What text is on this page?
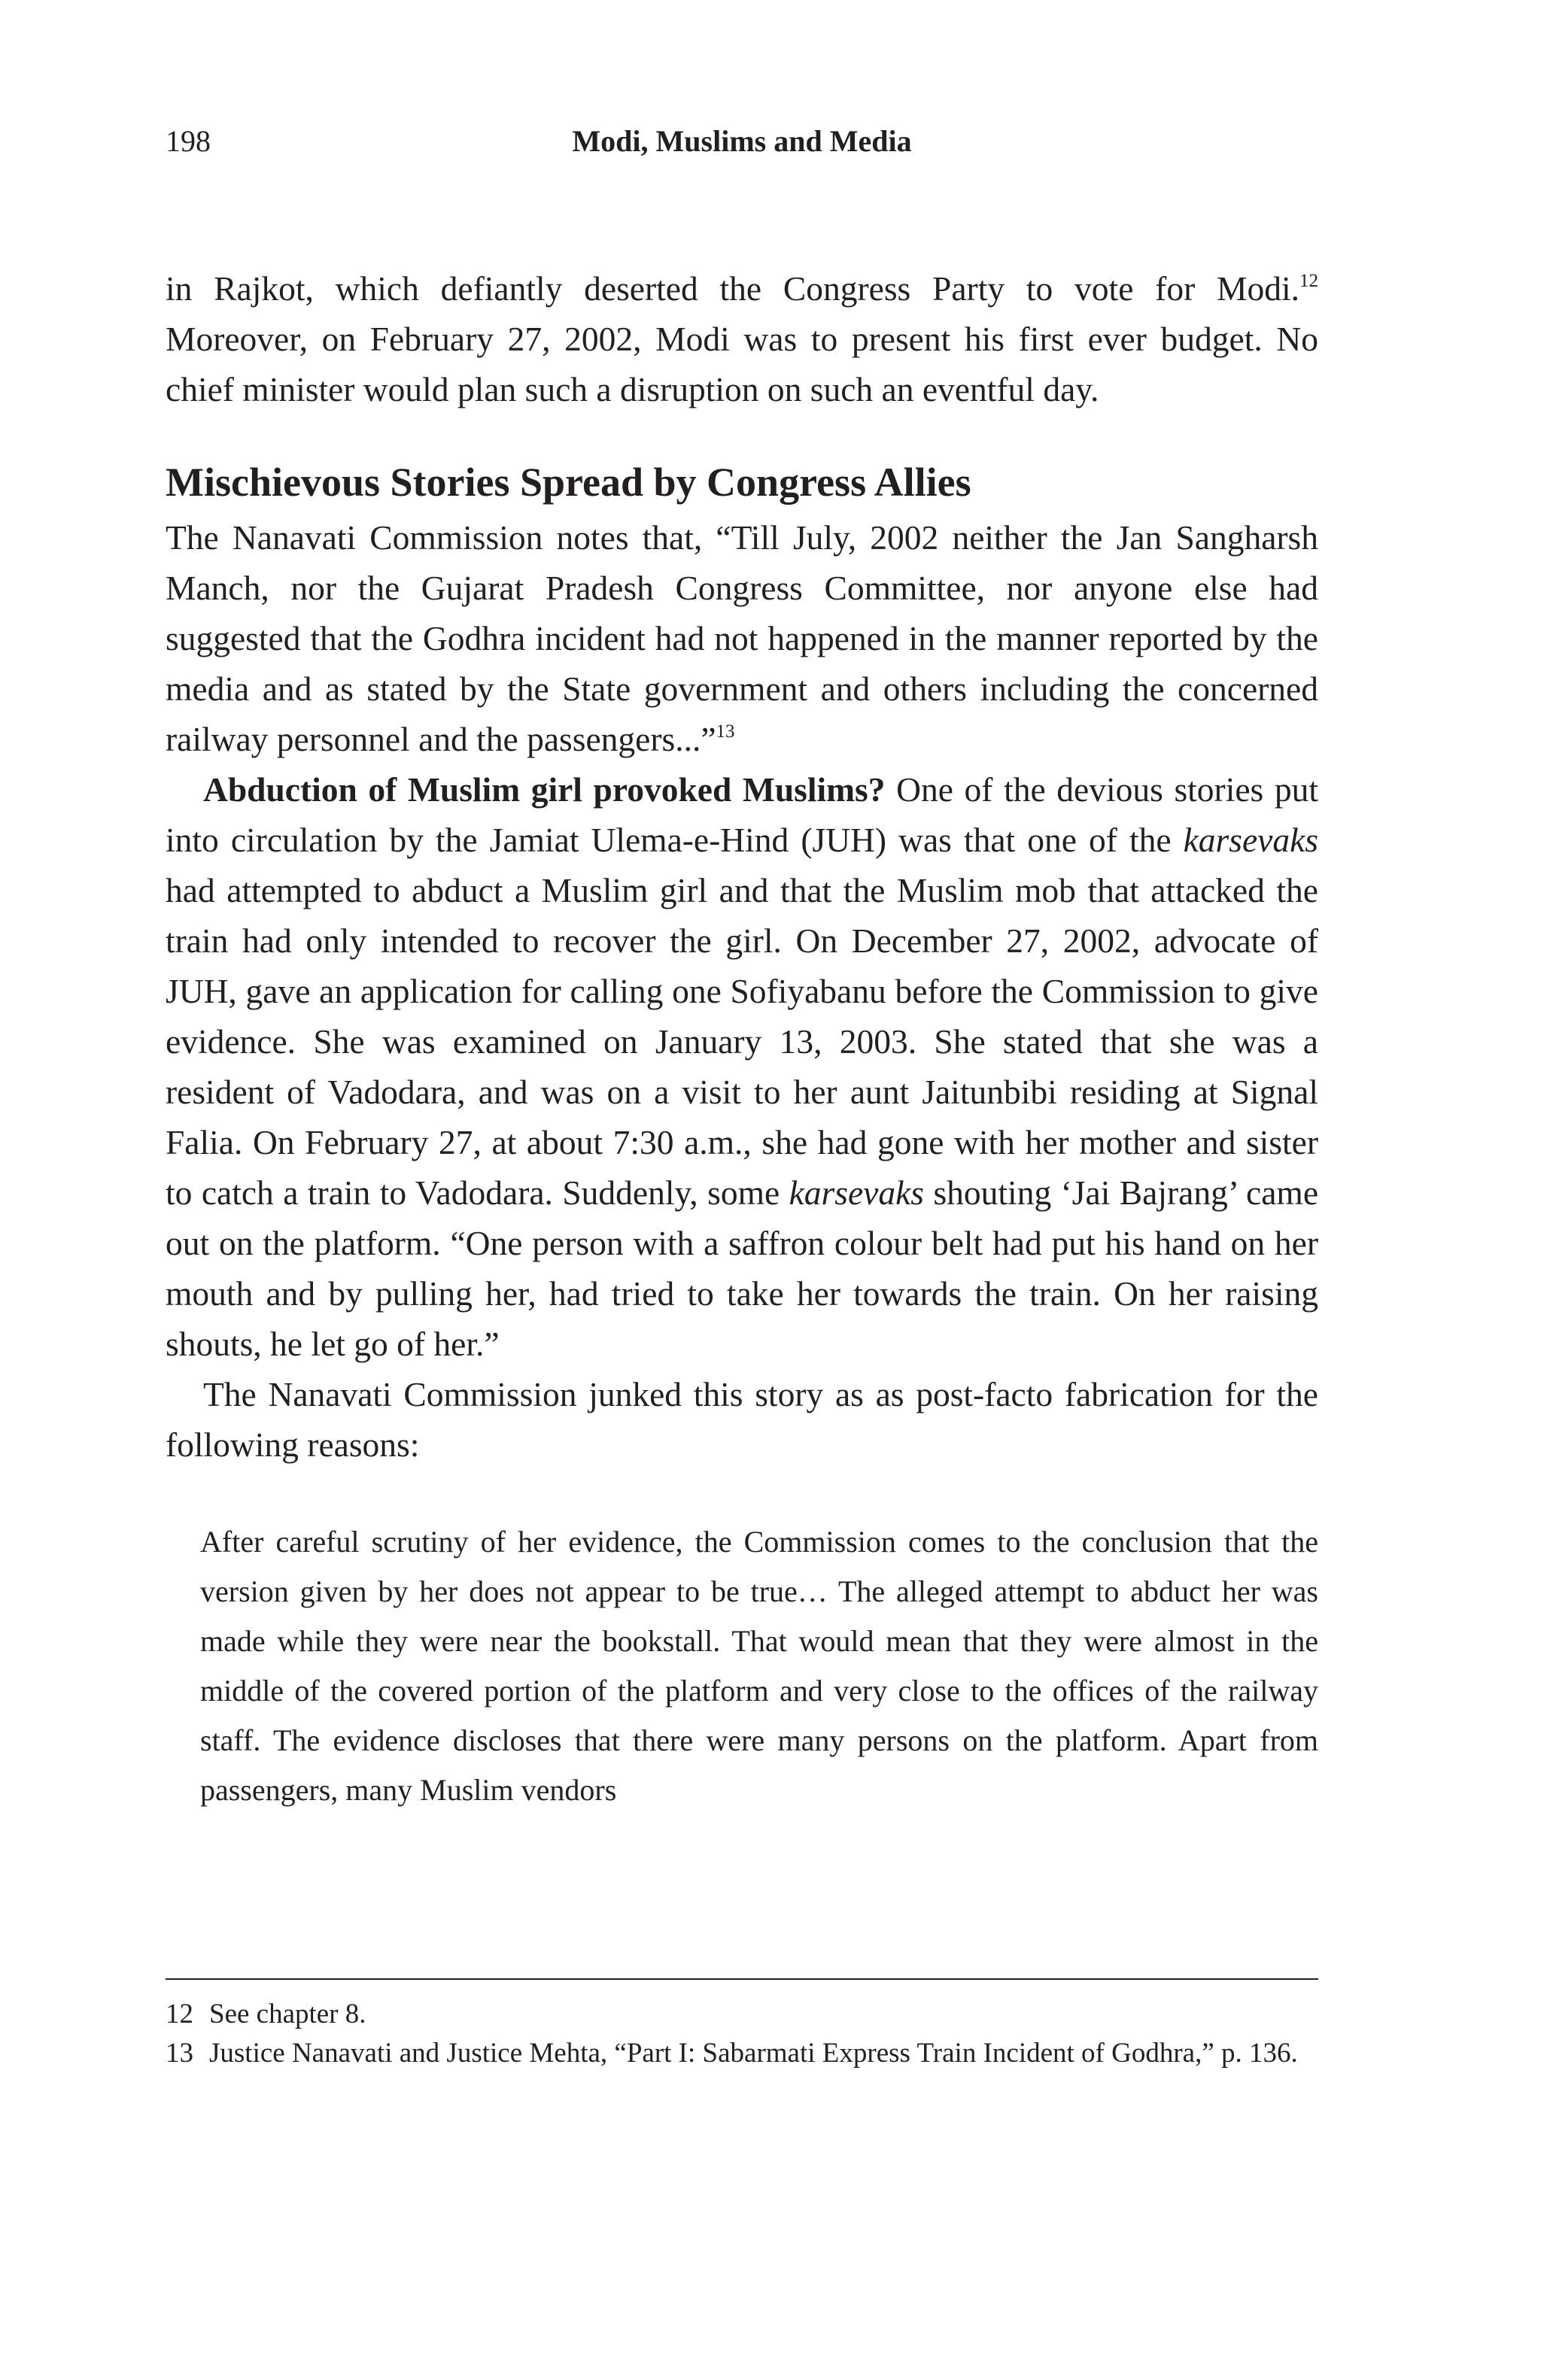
198	Modi, Muslims and Media

in Rajkot, which defiantly deserted the Congress Party to vote for Modi.$^{12}$ Moreover, on February 27, 2002, Modi was to present his first ever budget. No chief minister would plan such a disruption on such an eventful day.

Mischievous Stories Spread by Congress Allies

The Nanavati Commission notes that, “Till July, 2002 neither the Jan Sangharsh Manch, nor the Gujarat Pradesh Congress Committee, nor anyone else had suggested that the Godhra incident had not happened in the manner reported by the media and as stated by the State government and others including the concerned railway personnel and the passengers...”$^{13}$

Abduction of Muslim girl provoked Muslims? One of the devious stories put into circulation by the Jamiat Ulema-e-Hind (JUH) was that one of the karsevaks had attempted to abduct a Muslim girl and that the Muslim mob that attacked the train had only intended to recover the girl. On December 27, 2002, advocate of JUH, gave an application for calling one Sofiyabanu before the Commission to give evidence. She was examined on January 13, 2003. She stated that she was a resident of Vadodara, and was on a visit to her aunt Jaitunbibi residing at Signal Falia. On February 27, at about 7:30 a.m., she had gone with her mother and sister to catch a train to Vadodara. Suddenly, some karsevaks shouting ‘Jai Bajrang’ came out on the platform. “One person with a saffron colour belt had put his hand on her mouth and by pulling her, had tried to take her towards the train. On her raising shouts, he let go of her.”

The Nanavati Commission junked this story as as post-facto fabrication for the following reasons:

After careful scrutiny of her evidence, the Commission comes to the conclusion that the version given by her does not appear to be true… The alleged attempt to abduct her was made while they were near the bookstall. That would mean that they were almost in the middle of the covered portion of the platform and very close to the offices of the railway staff. The evidence discloses that there were many persons on the platform. Apart from passengers, many Muslim vendors
12 See chapter 8.
13 Justice Nanavati and Justice Mehta, “Part I: Sabarmati Express Train Incident of Godhra,” p. 136.
